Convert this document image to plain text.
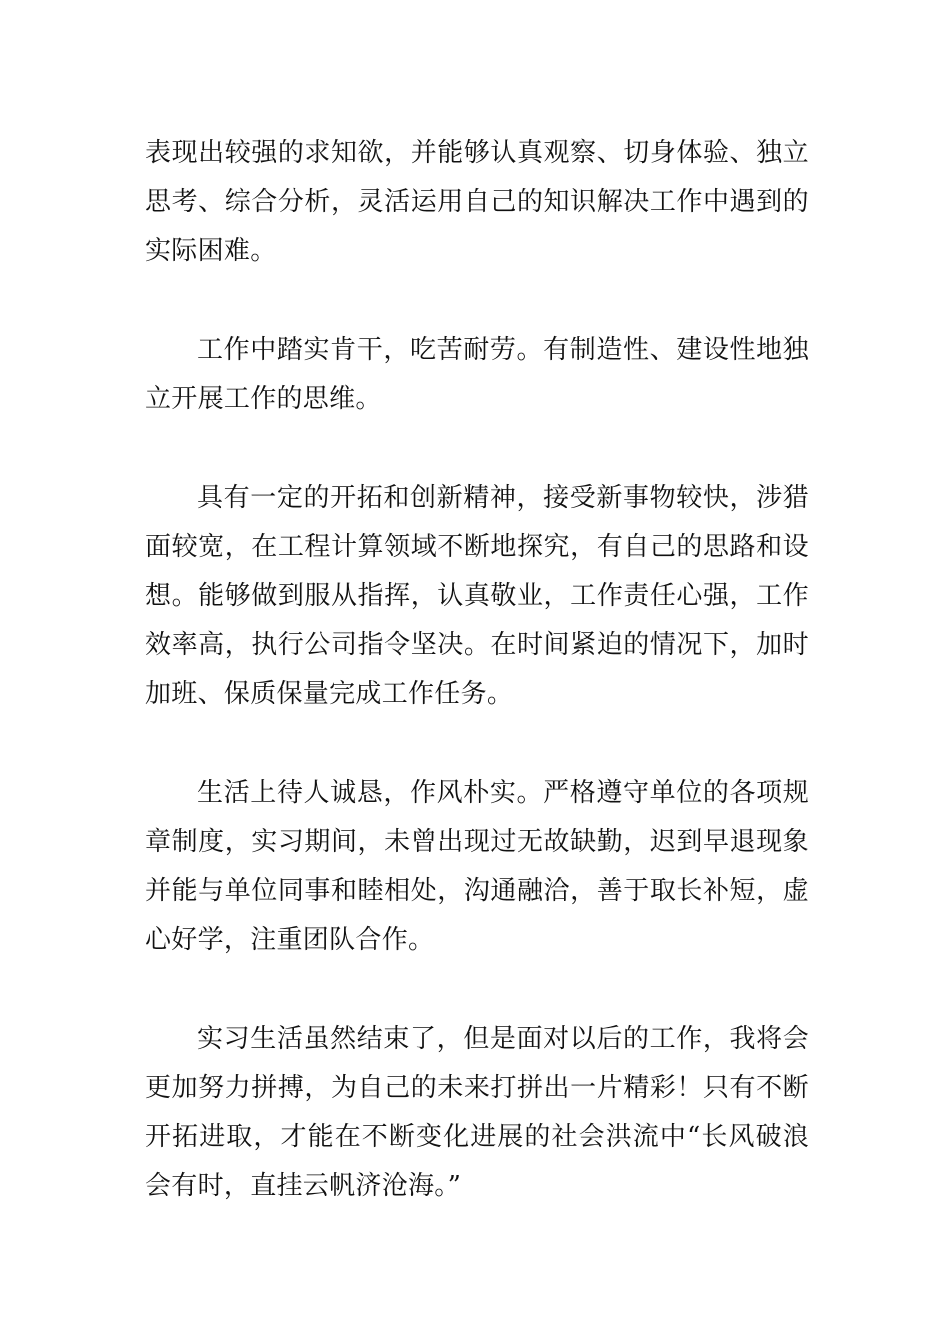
表现出较强的求知欲，并能够认真观察、切身体验、独立思考、综合分析，灵活运用自己的知识解决工作中遇到的实际困难。

工作中踏实肯干，吃苦耐劳。有制造性、建设性地独立开展工作的思维。

具有一定的开拓和创新精神，接受新事物较快，涉猎面较宽，在工程计算领域不断地探究，有自己的思路和设想。能够做到服从指挥，认真敬业，工作责任心强，工作效率高，执行公司指令坚决。在时间紧迫的情况下，加时加班、保质保量完成工作任务。

生活上待人诚恳，作风朴实。严格遵守单位的各项规章制度，实习期间，未曾出现过无故缺勤，迟到早退现象并能与单位同事和睦相处，沟通融洽，善于取长补短，虚心好学，注重团队合作。

实习生活虽然结束了，但是面对以后的工作，我将会更加努力拼搏，为自己的未来打拼出一片精彩！只有不断开拓进取，才能在不断变化进展的社会洪流中“长风破浪会有时，直挂云帆济沧海。”
